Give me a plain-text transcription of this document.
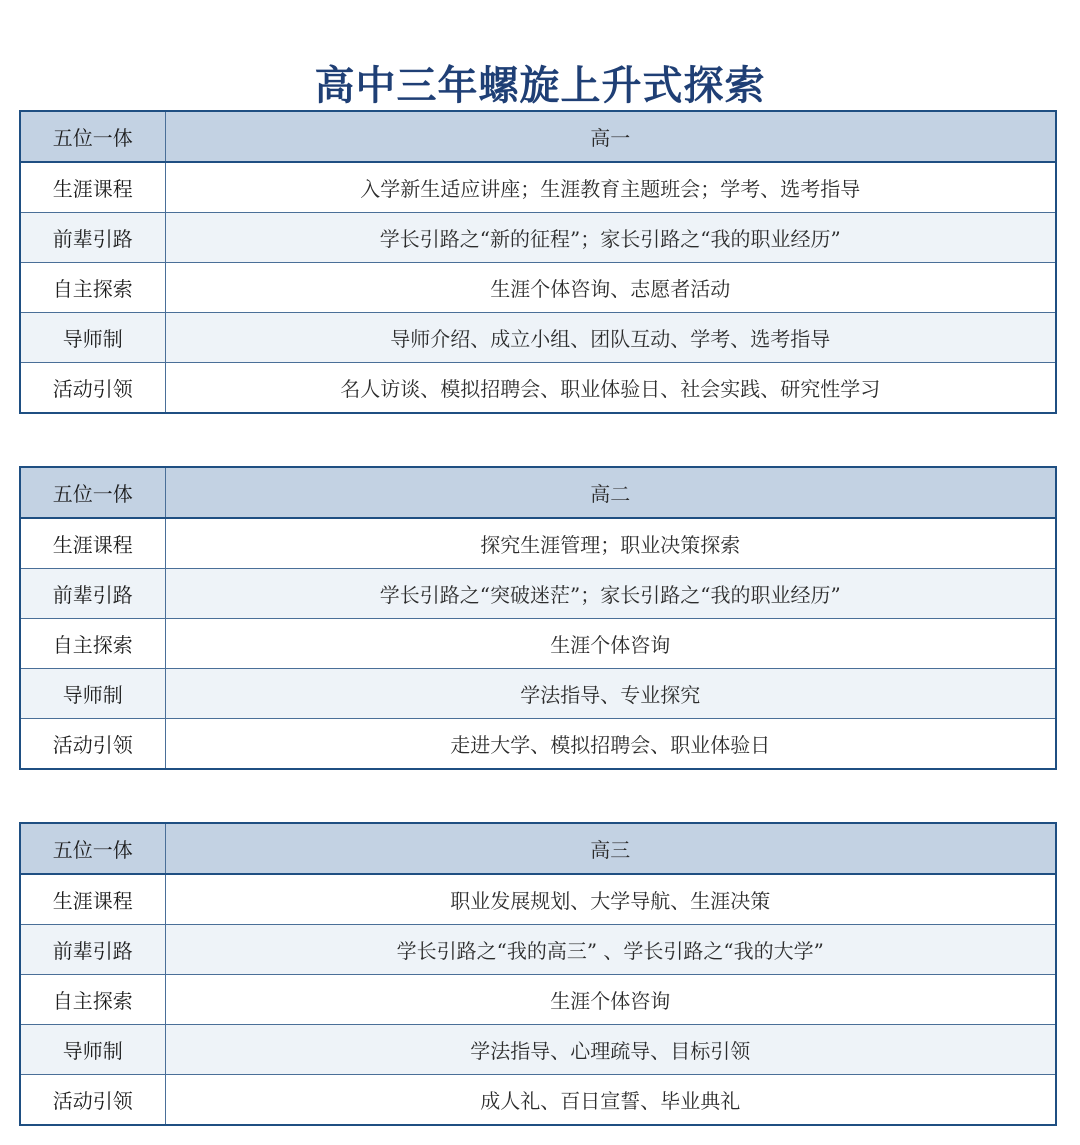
高中三年螺旋上升式探索
五位一体	高一
生涯课程	入学新生适应讲座；生涯教育主题班会；学考、选考指导
前辈引路	学长引路之“新的征程”；家长引路之“我的职业经历”
自主探索	生涯个体咨询、志愿者活动
导师制	导师介绍、成立小组、团队互动、学考、选考指导
活动引领	名人访谈、模拟招聘会、职业体验日、社会实践、研究性学习
五位一体	高二
生涯课程	探究生涯管理；职业决策探索
前辈引路	学长引路之“突破迷茫”；家长引路之“我的职业经历”
自主探索	生涯个体咨询
导师制	学法指导、专业探究
活动引领	走进大学、模拟招聘会、职业体验日
五位一体	高三
生涯课程	职业发展规划、大学导航、生涯决策
前辈引路	学长引路之“我的高三” 、学长引路之“我的大学”
自主探索	生涯个体咨询
导师制	学法指导、心理疏导、目标引领
活动引领	成人礼、百日宣誓、毕业典礼
